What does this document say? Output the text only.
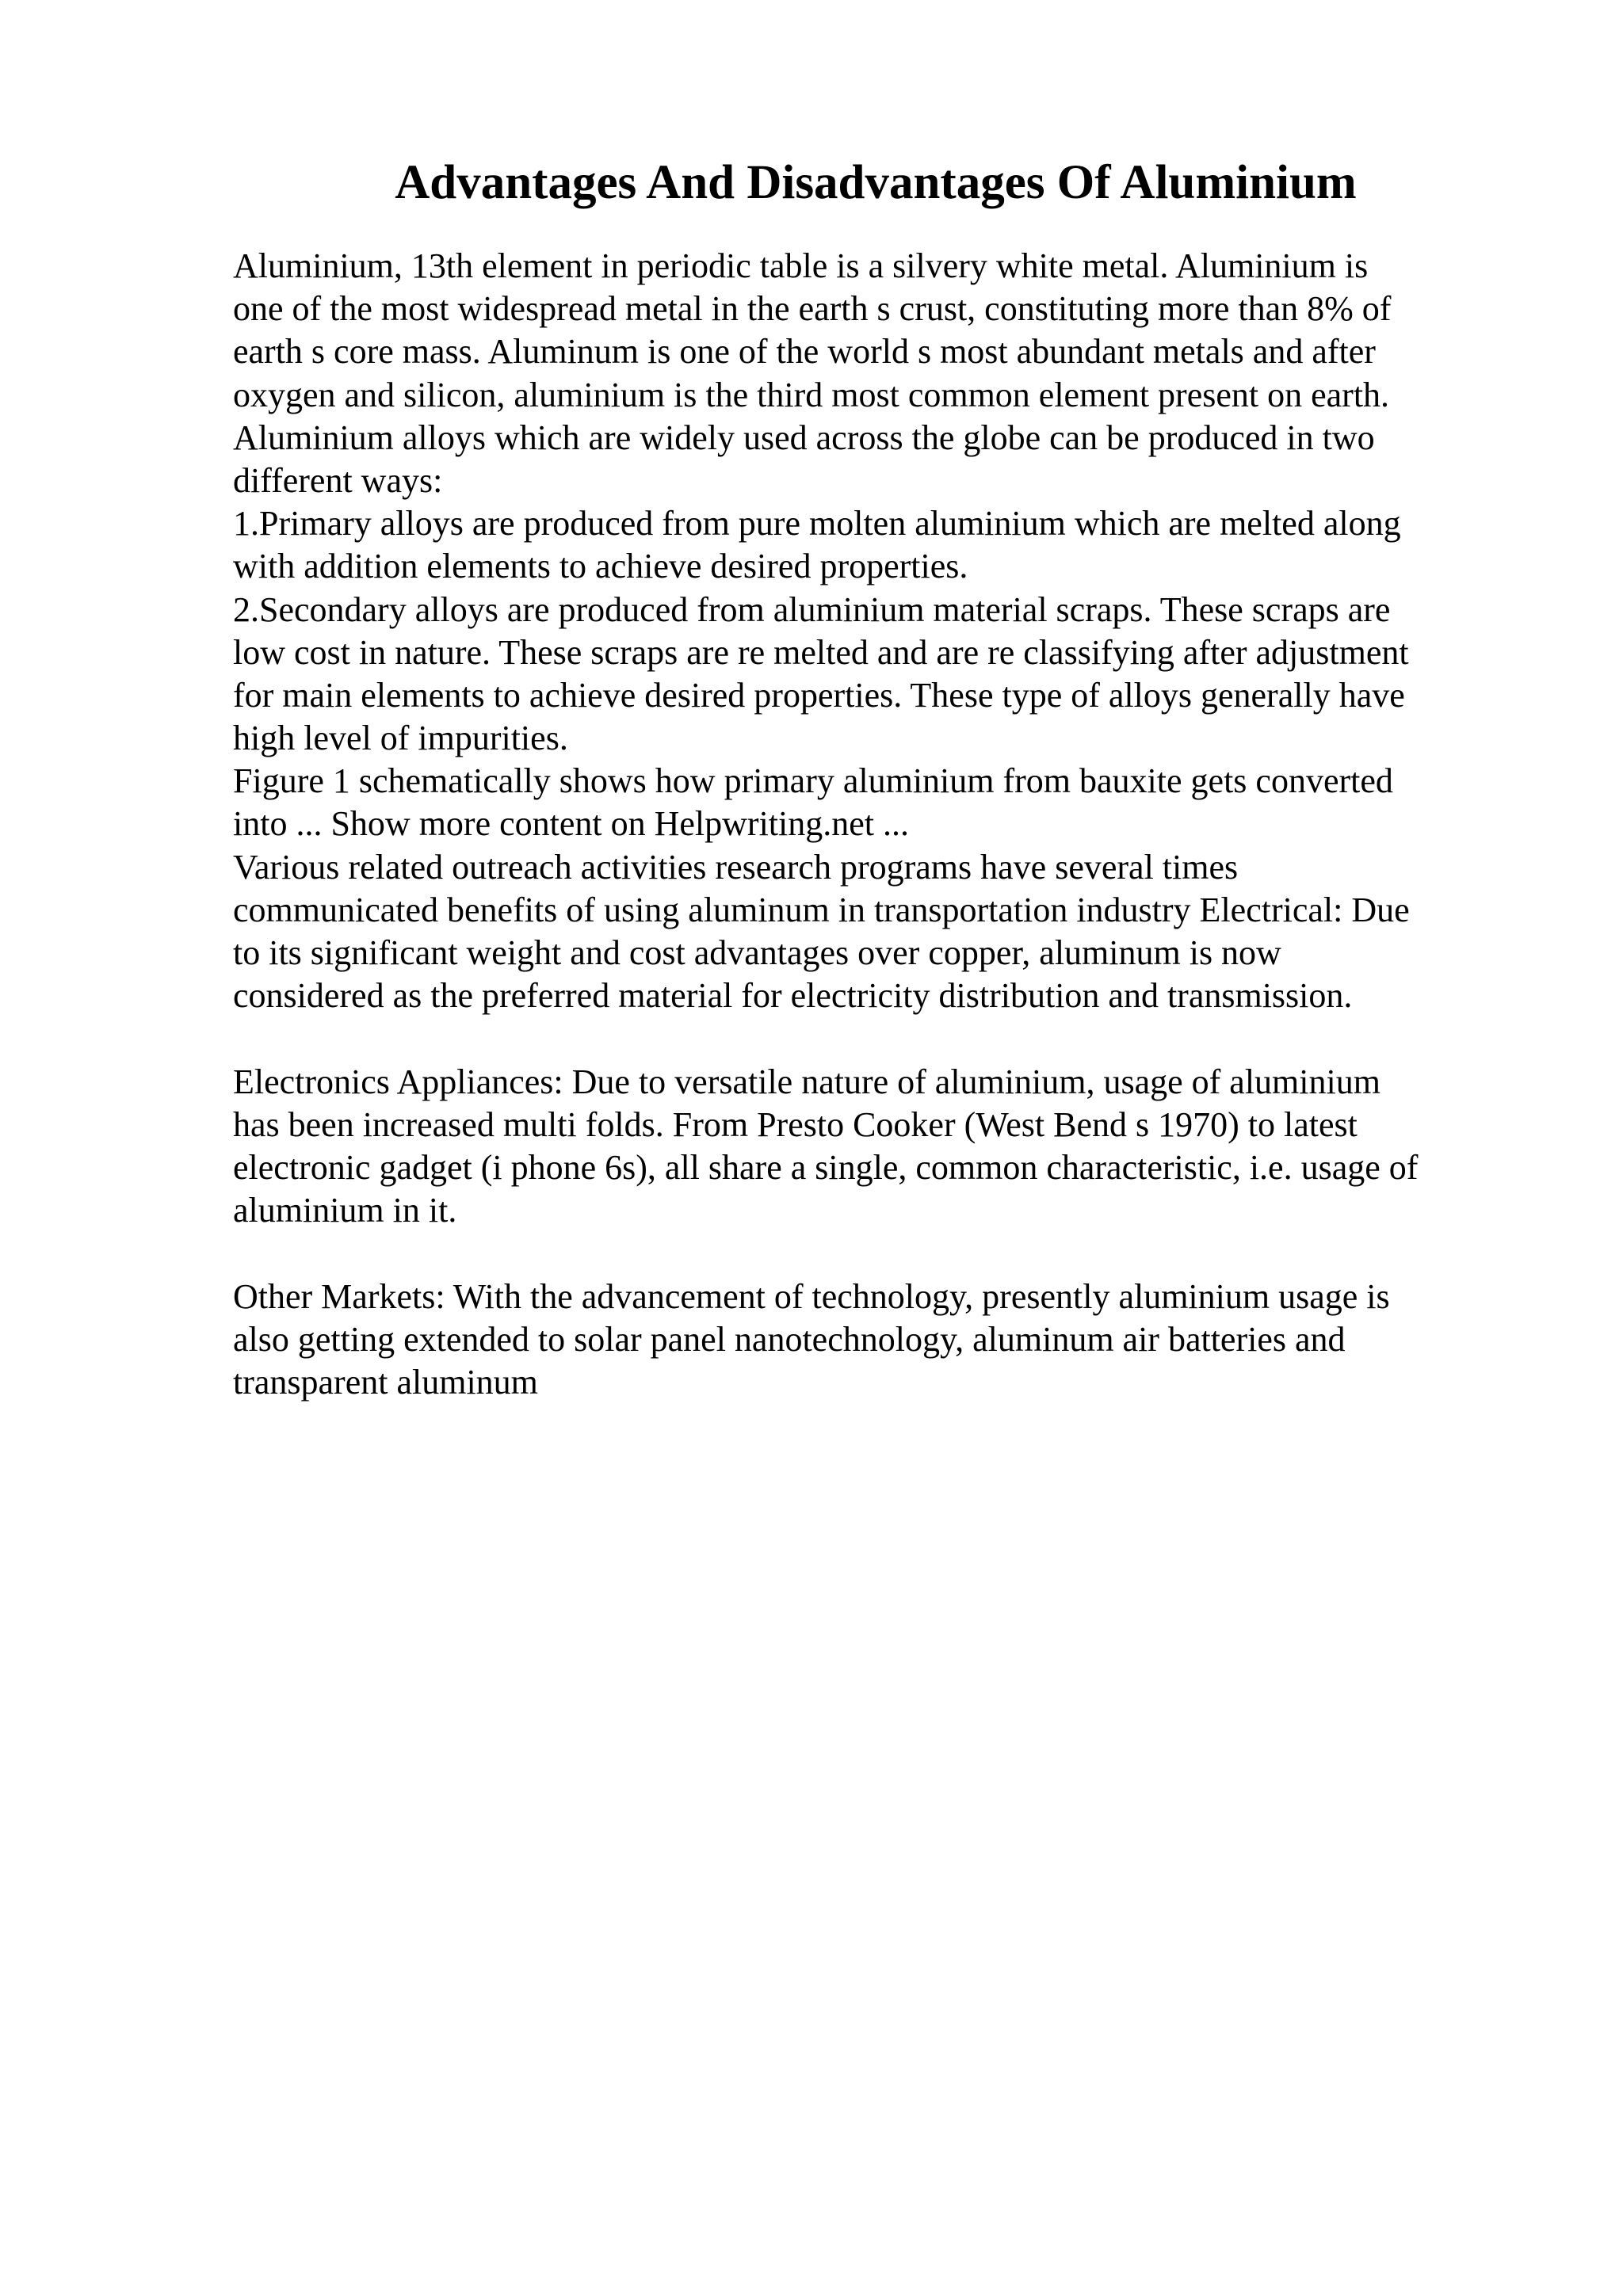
Advantages And Disadvantages Of Aluminium
Aluminium, 13th element in periodic table is a silvery white metal. Aluminium is
one of the most widespread metal in the earth s crust, constituting more than 8% of
earth s core mass. Aluminum is one of the world s most abundant metals and after
oxygen and silicon, aluminium is the third most common element present on earth.
Aluminium alloys which are widely used across the globe can be produced in two
different ways:
1.Primary alloys are produced from pure molten aluminium which are melted along
with addition elements to achieve desired properties.
2.Secondary alloys are produced from aluminium material scraps. These scraps are
low cost in nature. These scraps are re melted and are re classifying after adjustment
for main elements to achieve desired properties. These type of alloys generally have
high level of impurities.
Figure 1 schematically shows how primary aluminium from bauxite gets converted
into ... Show more content on Helpwriting.net ...
Various related outreach activities research programs have several times
communicated benefits of using aluminum in transportation industry Electrical: Due
to its significant weight and cost advantages over copper, aluminum is now
considered as the preferred material for electricity distribution and transmission.
Electronics Appliances: Due to versatile nature of aluminium, usage of aluminium
has been increased multi folds. From Presto Cooker (West Bend s 1970) to latest
electronic gadget (i phone 6s), all share a single, common characteristic, i.e. usage of
aluminium in it.
Other Markets: With the advancement of technology, presently aluminium usage is
also getting extended to solar panel nanotechnology, aluminum air batteries and
transparent aluminum
